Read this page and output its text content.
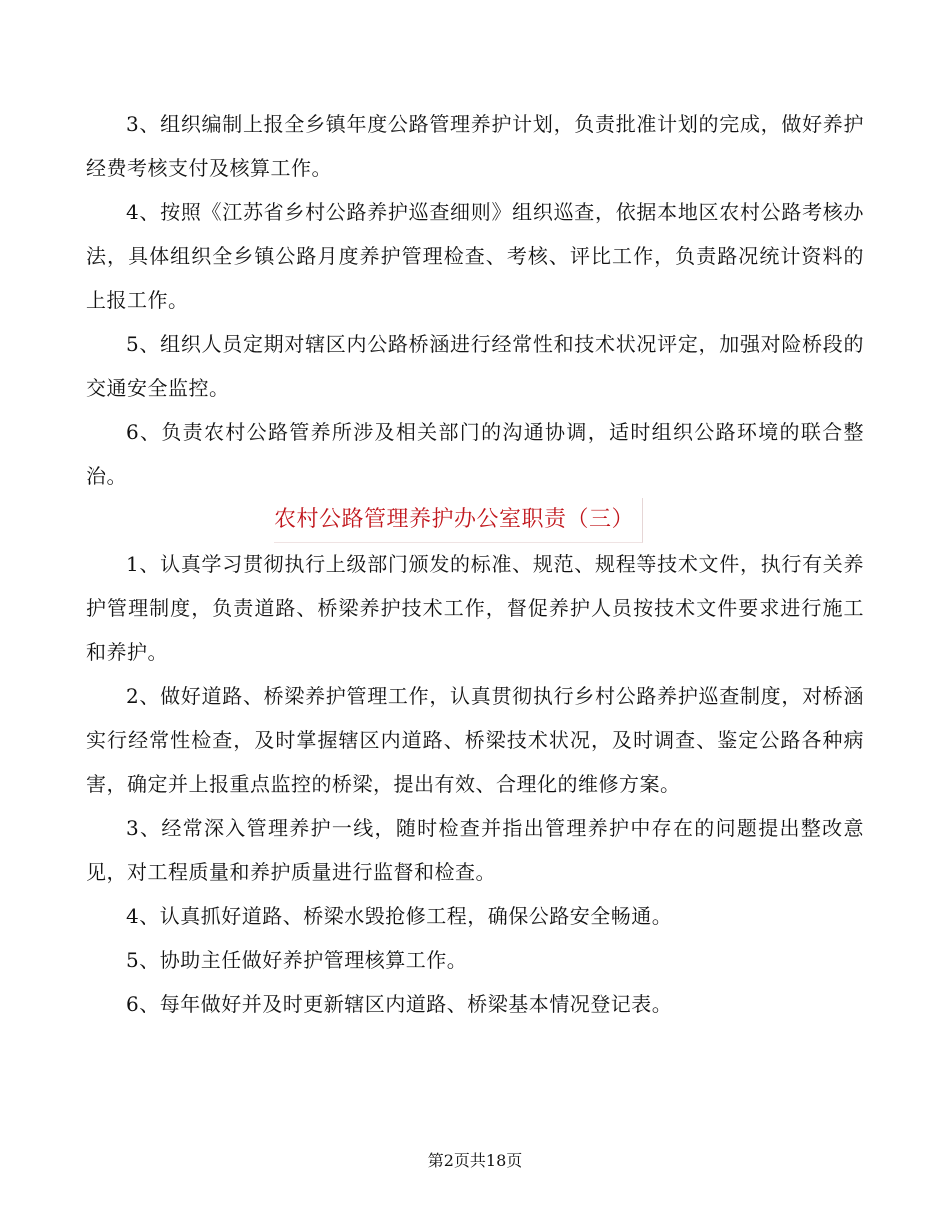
3、组织编制上报全乡镇年度公路管理养护计划，负责批准计划的完成，做好养护经费考核支付及核算工作。

4、按照《江苏省乡村公路养护巡查细则》组织巡查，依据本地区农村公路考核办法，具体组织全乡镇公路月度养护管理检查、考核、评比工作，负责路况统计资料的上报工作。

5、组织人员定期对辖区内公路桥涵进行经常性和技术状况评定，加强对险桥段的交通安全监控。

6、负责农村公路管养所涉及相关部门的沟通协调，适时组织公路环境的联合整治。

农村公路管理养护办公室职责（三）

1、认真学习贯彻执行上级部门颁发的标准、规范、规程等技术文件，执行有关养护管理制度，负责道路、桥梁养护技术工作，督促养护人员按技术文件要求进行施工和养护。

2、做好道路、桥梁养护管理工作，认真贯彻执行乡村公路养护巡查制度，对桥涵实行经常性检查，及时掌握辖区内道路、桥梁技术状况，及时调查、鉴定公路各种病害，确定并上报重点监控的桥梁，提出有效、合理化的维修方案。

3、经常深入管理养护一线，随时检查并指出管理养护中存在的问题提出整改意见，对工程质量和养护质量进行监督和检查。

4、认真抓好道路、桥梁水毁抢修工程，确保公路安全畅通。

5、协助主任做好养护管理核算工作。

6、每年做好并及时更新辖区内道路、桥梁基本情况登记表。

第2页共18页
